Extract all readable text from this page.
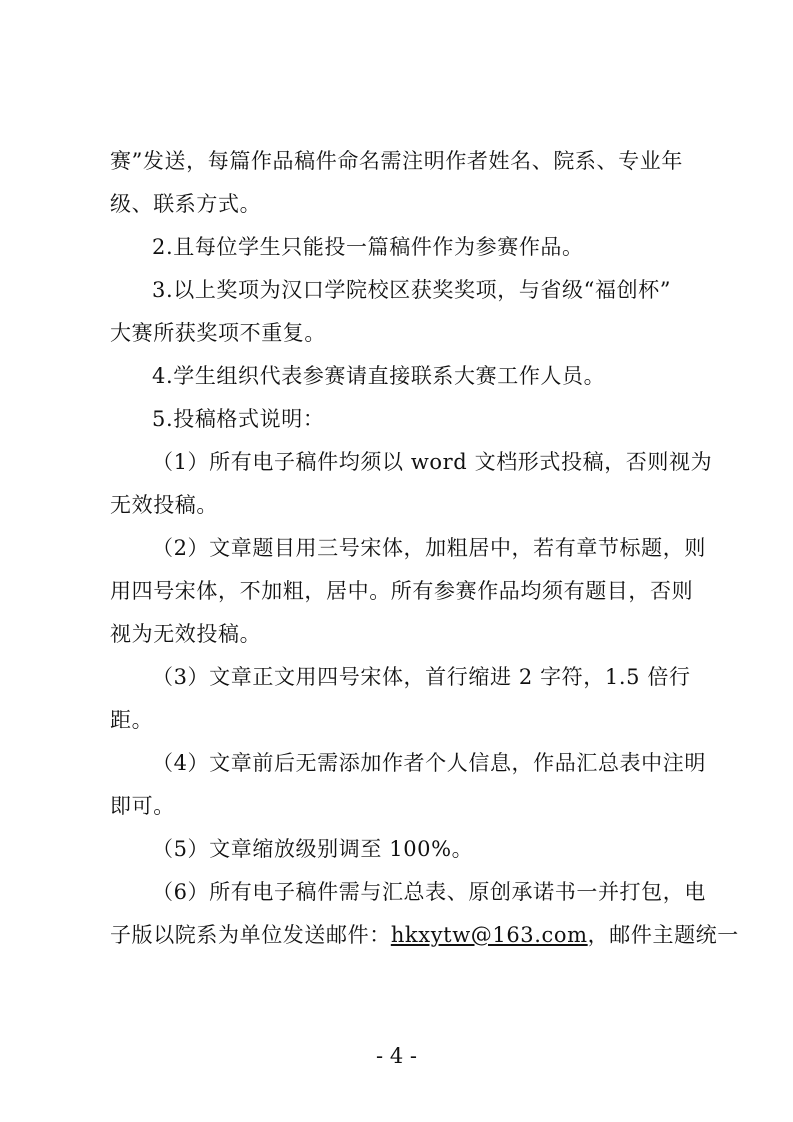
赛”发送，每篇作品稿件命名需注明作者姓名、院系、专业年
级、联系方式。
2.且每位学生只能投一篇稿件作为参赛作品。
3.以上奖项为汉口学院校区获奖奖项，与省级“福创杯”
大赛所获奖项不重复。
4.学生组织代表参赛请直接联系大赛工作人员。
5.投稿格式说明：
（1）所有电子稿件均须以 word 文档形式投稿，否则视为
无效投稿。
（2）文章题目用三号宋体，加粗居中，若有章节标题，则
用四号宋体，不加粗，居中。所有参赛作品均须有题目，否则
视为无效投稿。
（3）文章正文用四号宋体，首行缩进 2 字符，1.5 倍行
距。
（4）文章前后无需添加作者个人信息，作品汇总表中注明
即可。
（5）文章缩放级别调至 100%。
（6）所有电子稿件需与汇总表、原创承诺书一并打包，电
子版以院系为单位发送邮件：hkxytw@163.com，邮件主题统一
- 4 -
